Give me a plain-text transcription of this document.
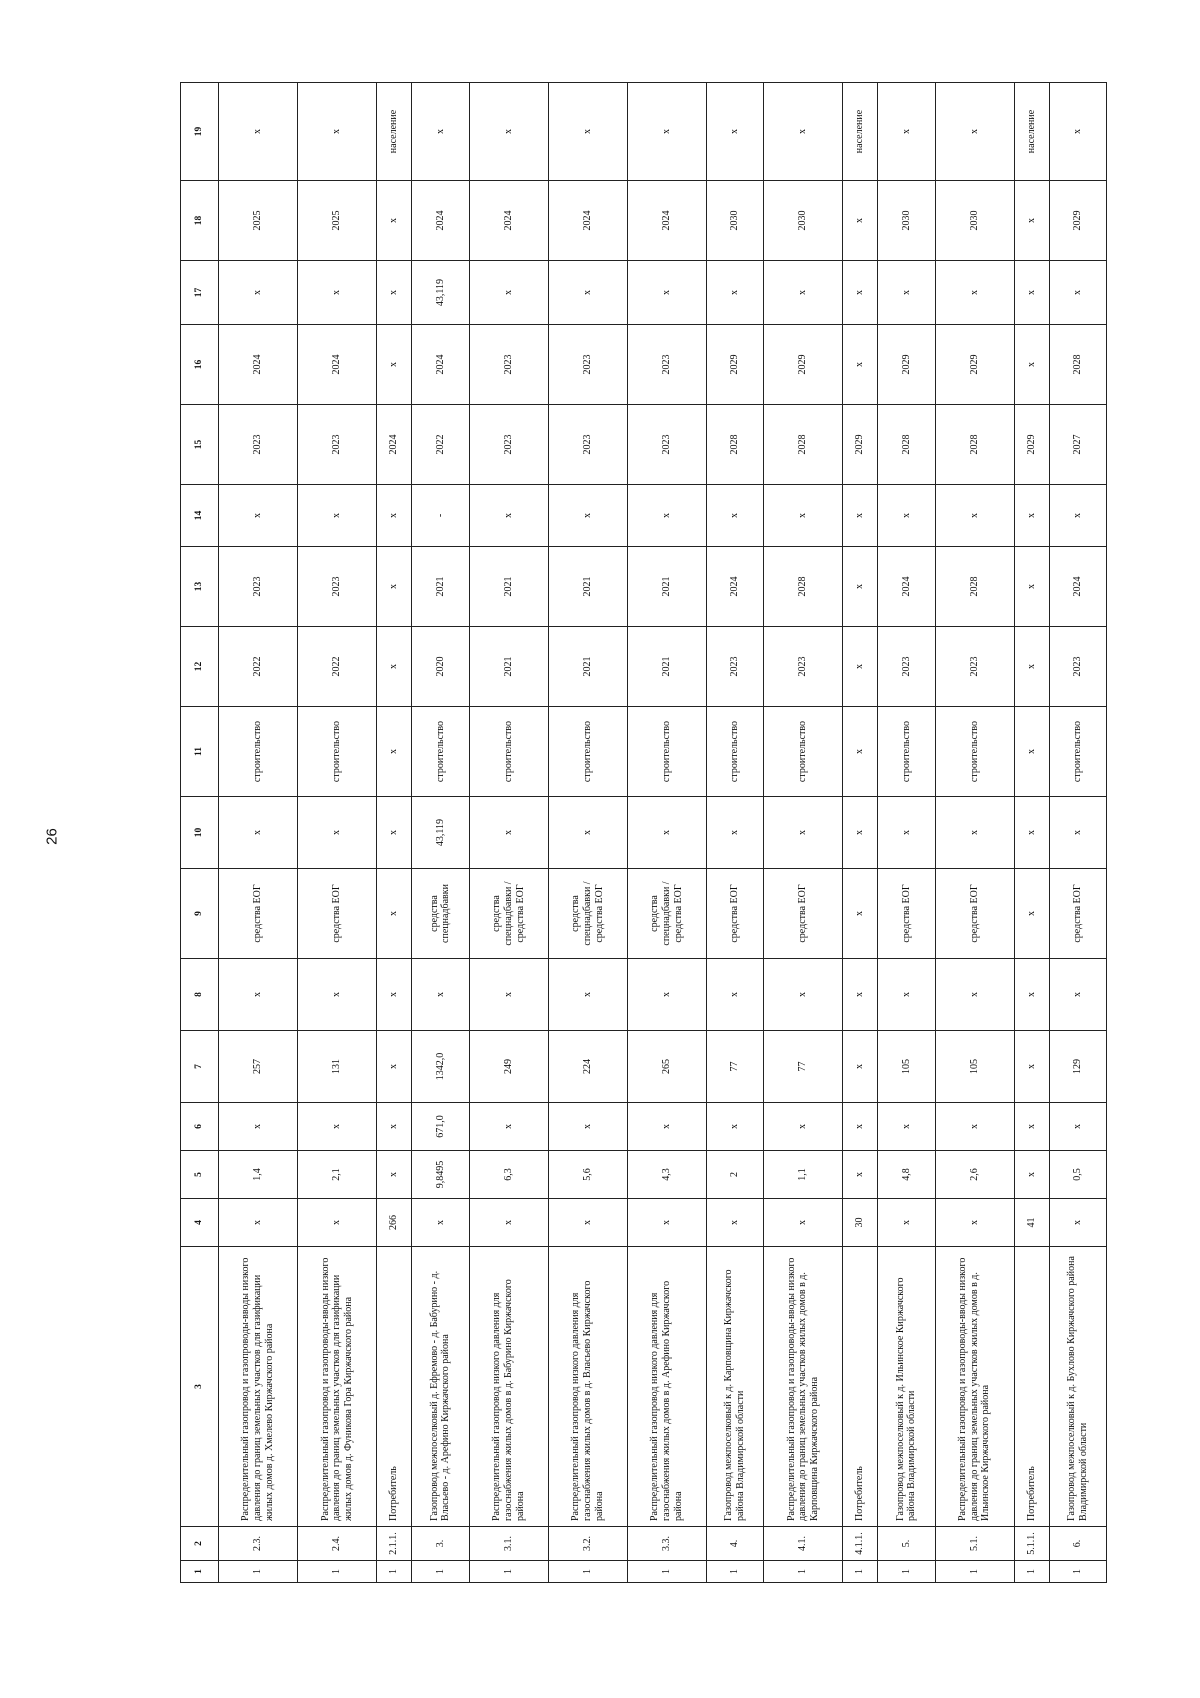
26
1	2	3	4	5	6	7	8	9	10	11	12	13	14	15	16	17	18	19
1	2.3.	Распределительный газопровод и газопроводы-вводы низкого давления до границ земельных участков для газификации жилых домов д. Хмелево Киржачского района	x	1,4	x	257	x	средства ЕОГ	x	строительство	2022	2023	x	2023	2024	x	2025	x
1	2.4.	Распределительный газопровод и газопроводы-вводы низкого давления до границ земельных участков для газификации жилых домов д. Фуникова Гора Киржачского района	x	2,1	x	131	x	средства ЕОГ	x	строительство	2022	2023	x	2023	2024	x	2025	x
1	2.1.1.	Потребитель	266	x	x	x	x	x	x	x	x	x	x	2024	x	x	x	население
1	3.	Газопровод межпоселковый д. Ефремово - д. Бабурино - д. Власьево - д. Арефино Киржачского района	x	9,8495	671,0	1342,0	x	средства спецнадбавки	43,119	строительство	2020	2021	-	2022	2024	43,119	2024	x
1	3.1.	Распределительный газопровод низкого давления для газоснабжения жилых домов в д. Бабурино Киржачского района	x	6,3	x	249	x	средства спецнадбавки /средства ЕОГ	x	строительство	2021	2021	x	2023	2023	x	2024	x
1	3.2.	Распределительный газопровод низкого давления для газоснабжения жилых домов в д. Власьево Киржачского района	x	5,6	x	224	x	средства спецнадбавки /средства ЕОГ	x	строительство	2021	2021	x	2023	2023	x	2024	x
1	3.3.	Распределительный газопровод низкого давления для газоснабжения жилых домов в д. Арефино Киржачского района	x	4,3	x	265	x	средства спецнадбавки /средства ЕОГ	x	строительство	2021	2021	x	2023	2023	x	2024	x
1	4.	Газопровод межпоселковый к д. Карповщина Киржачского района Владимирской области	x	2	x	77	x	средства ЕОГ	x	строительство	2023	2024	x	2028	2029	x	2030	x
1	4.1.	Распределительный газопровод и газопроводы-вводы низкого давления до границ земельных участков жилых домов в д. Карповщина Киржачского района	x	1,1	x	77	x	средства ЕОГ	x	строительство	2023	2028	x	2028	2029	x	2030	x
1	4.1.1.	Потребитель	30	x	x	x	x	x	x	x	x	x	x	2029	x	x	x	население
1	5.	Газопровод межпоселковый к д. Ильинское Киржачского района Владимирской области	x	4,8	x	105	x	средства ЕОГ	x	строительство	2023	2024	x	2028	2029	x	2030	x
1	5.1.	Распределительный газопровод и газопроводы-вводы низкого давления до границ земельных участков жилых домов в д. Ильинское Киржачского района	x	2,6	x	105	x	средства ЕОГ	x	строительство	2023	2028	x	2028	2029	x	2030	x
1	5.1.1.	Потребитель	41	x	x	x	x	x	x	x	x	x	x	2029	x	x	x	население
1	6.	Газопровод межпоселковый к д. Бухлово Киржачского района Владимирской области	x	0,5	x	129	x	средства ЕОГ	x	строительство	2023	2024	x	2027	2028	x	2029	x
